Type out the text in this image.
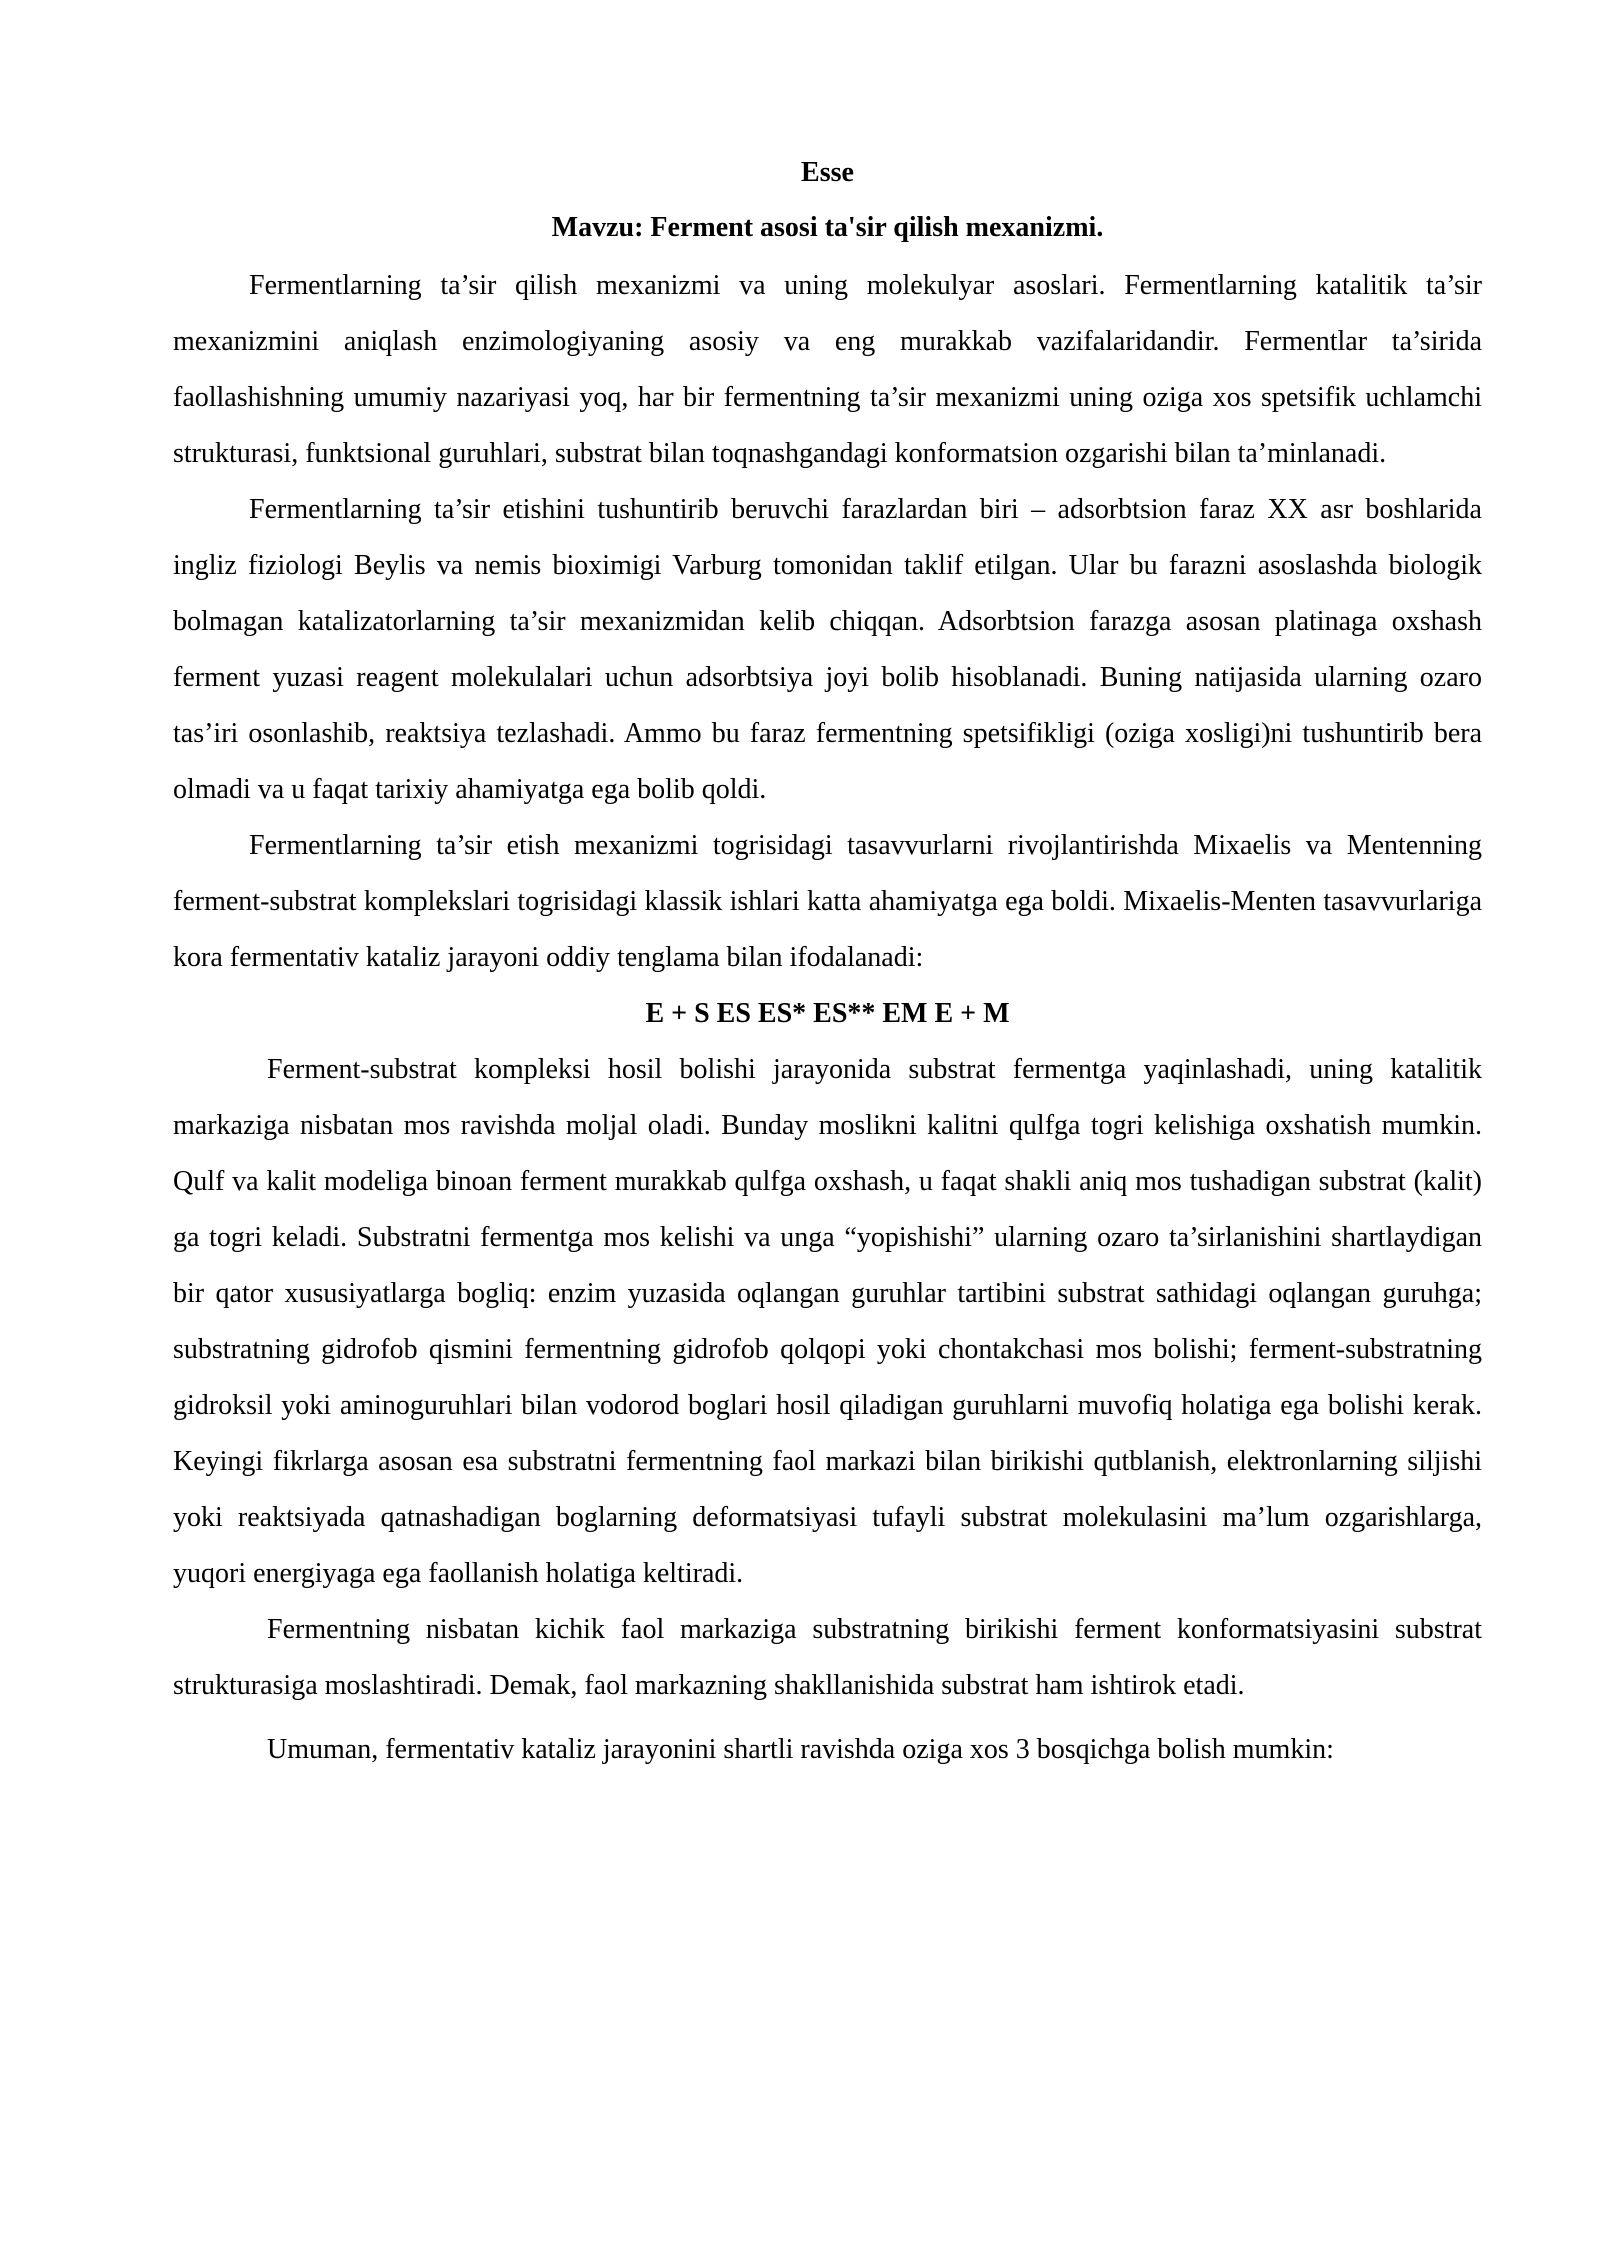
Esse

Mavzu: Ferment asosi ta'sir qilish mexanizmi.

Fermentlarning ta’sir qilish mexanizmi va uning molekulyar asoslari. Fermentlarning katalitik ta’sir mexanizmini aniqlash enzimologiyaning asosiy va eng murakkab vazifalaridandir. Fermentlar ta’sirida faollashishning umumiy nazariyasi yoq, har bir fermentning ta’sir mexanizmi uning oziga xos spetsifik uchlamchi strukturasi, funktsional guruhlari, substrat bilan toqnashgandagi konformatsion ozgarishi bilan ta’minlanadi.

Fermentlarning ta’sir etishini tushuntirib beruvchi farazlardan biri – adsorbtsion faraz XX asr boshlarida ingliz fiziologi Beylis va nemis bioximigi Varburg tomonidan taklif etilgan. Ular bu farazni asoslashda biologik bolmagan katalizatorlarning ta’sir mexanizmidan kelib chiqqan. Adsorbtsion farazga asosan platinaga oxshash ferment yuzasi reagent molekulalari uchun adsorbtsiya joyi bolib hisoblanadi. Buning natijasida ularning ozaro tas’iri osonlashib, reaktsiya tezlashadi. Ammo bu faraz fermentning spetsifikligi (oziga xosligi)ni tushuntirib bera olmadi va u faqat tarixiy ahamiyatga ega bolib qoldi.

Fermentlarning ta’sir etish mexanizmi togrisidagi tasavvurlarni rivojlantirishda Mixaelis va Mentenning ferment-substrat komplekslari togrisidagi klassik ishlari katta ahamiyatga ega boldi. Mixaelis-Menten tasavvurlariga kora fermentativ kataliz jarayoni oddiy tenglama bilan ifodalanadi:

E + S ES ES* ES** EM E + M

Ferment-substrat kompleksi hosil bolishi jarayonida substrat fermentga yaqinlashadi, uning katalitik markaziga nisbatan mos ravishda moljal oladi. Bunday moslikni kalitni qulfga togri kelishiga oxshatish mumkin. Qulf va kalit modeliga binoan ferment murakkab qulfga oxshash, u faqat shakli aniq mos tushadigan substrat (kalit) ga togri keladi. Substratni fermentga mos kelishi va unga “yopishishi” ularning ozaro ta’sirlanishini shartlaydigan bir qator xususiyatlarga bogliq: enzim yuzasida oqlangan guruhlar tartibini substrat sathidagi oqlangan guruhga; substratning gidrofob qismini fermentning gidrofob qolqopi yoki chontakchasi mos bolishi; ferment-substratning gidroksil yoki aminoguruhlari bilan vodorod boglari hosil qiladigan guruhlarni muvofiq holatiga ega bolishi kerak. Keyingi fikrlarga asosan esa substratni fermentning faol markazi bilan birikishi qutblanish, elektronlarning siljishi yoki reaktsiyada qatnashadigan boglarning deformatsiyasi tufayli substrat molekulasini ma’lum ozgarishlarga, yuqori energiyaga ega faollanish holatiga keltiradi.

Fermentning nisbatan kichik faol markaziga substratning birikishi ferment konformatsiyasini substrat strukturasiga moslashtiradi. Demak, faol markazning shakllanishida substrat ham ishtirok etadi.

Umuman, fermentativ kataliz jarayonini shartli ravishda oziga xos 3 bosqichga bolish mumkin:
